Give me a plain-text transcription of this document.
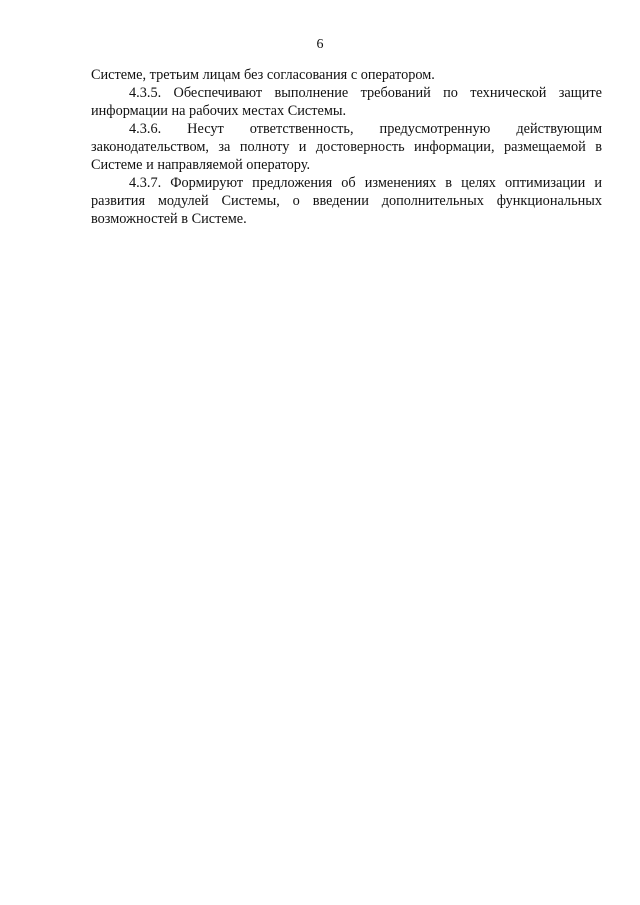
6

Системе, третьим лицам без согласования с оператором.

4.3.5. Обеспечивают выполнение требований по технической защите информации на рабочих местах Системы.

4.3.6. Несут ответственность, предусмотренную действующим законодательством, за полноту и достоверность информации, размещаемой в Системе и направляемой оператору.

4.3.7. Формируют предложения об изменениях в целях оптимизации и развития модулей Системы, о введении дополнительных функциональных возможностей в Системе.
